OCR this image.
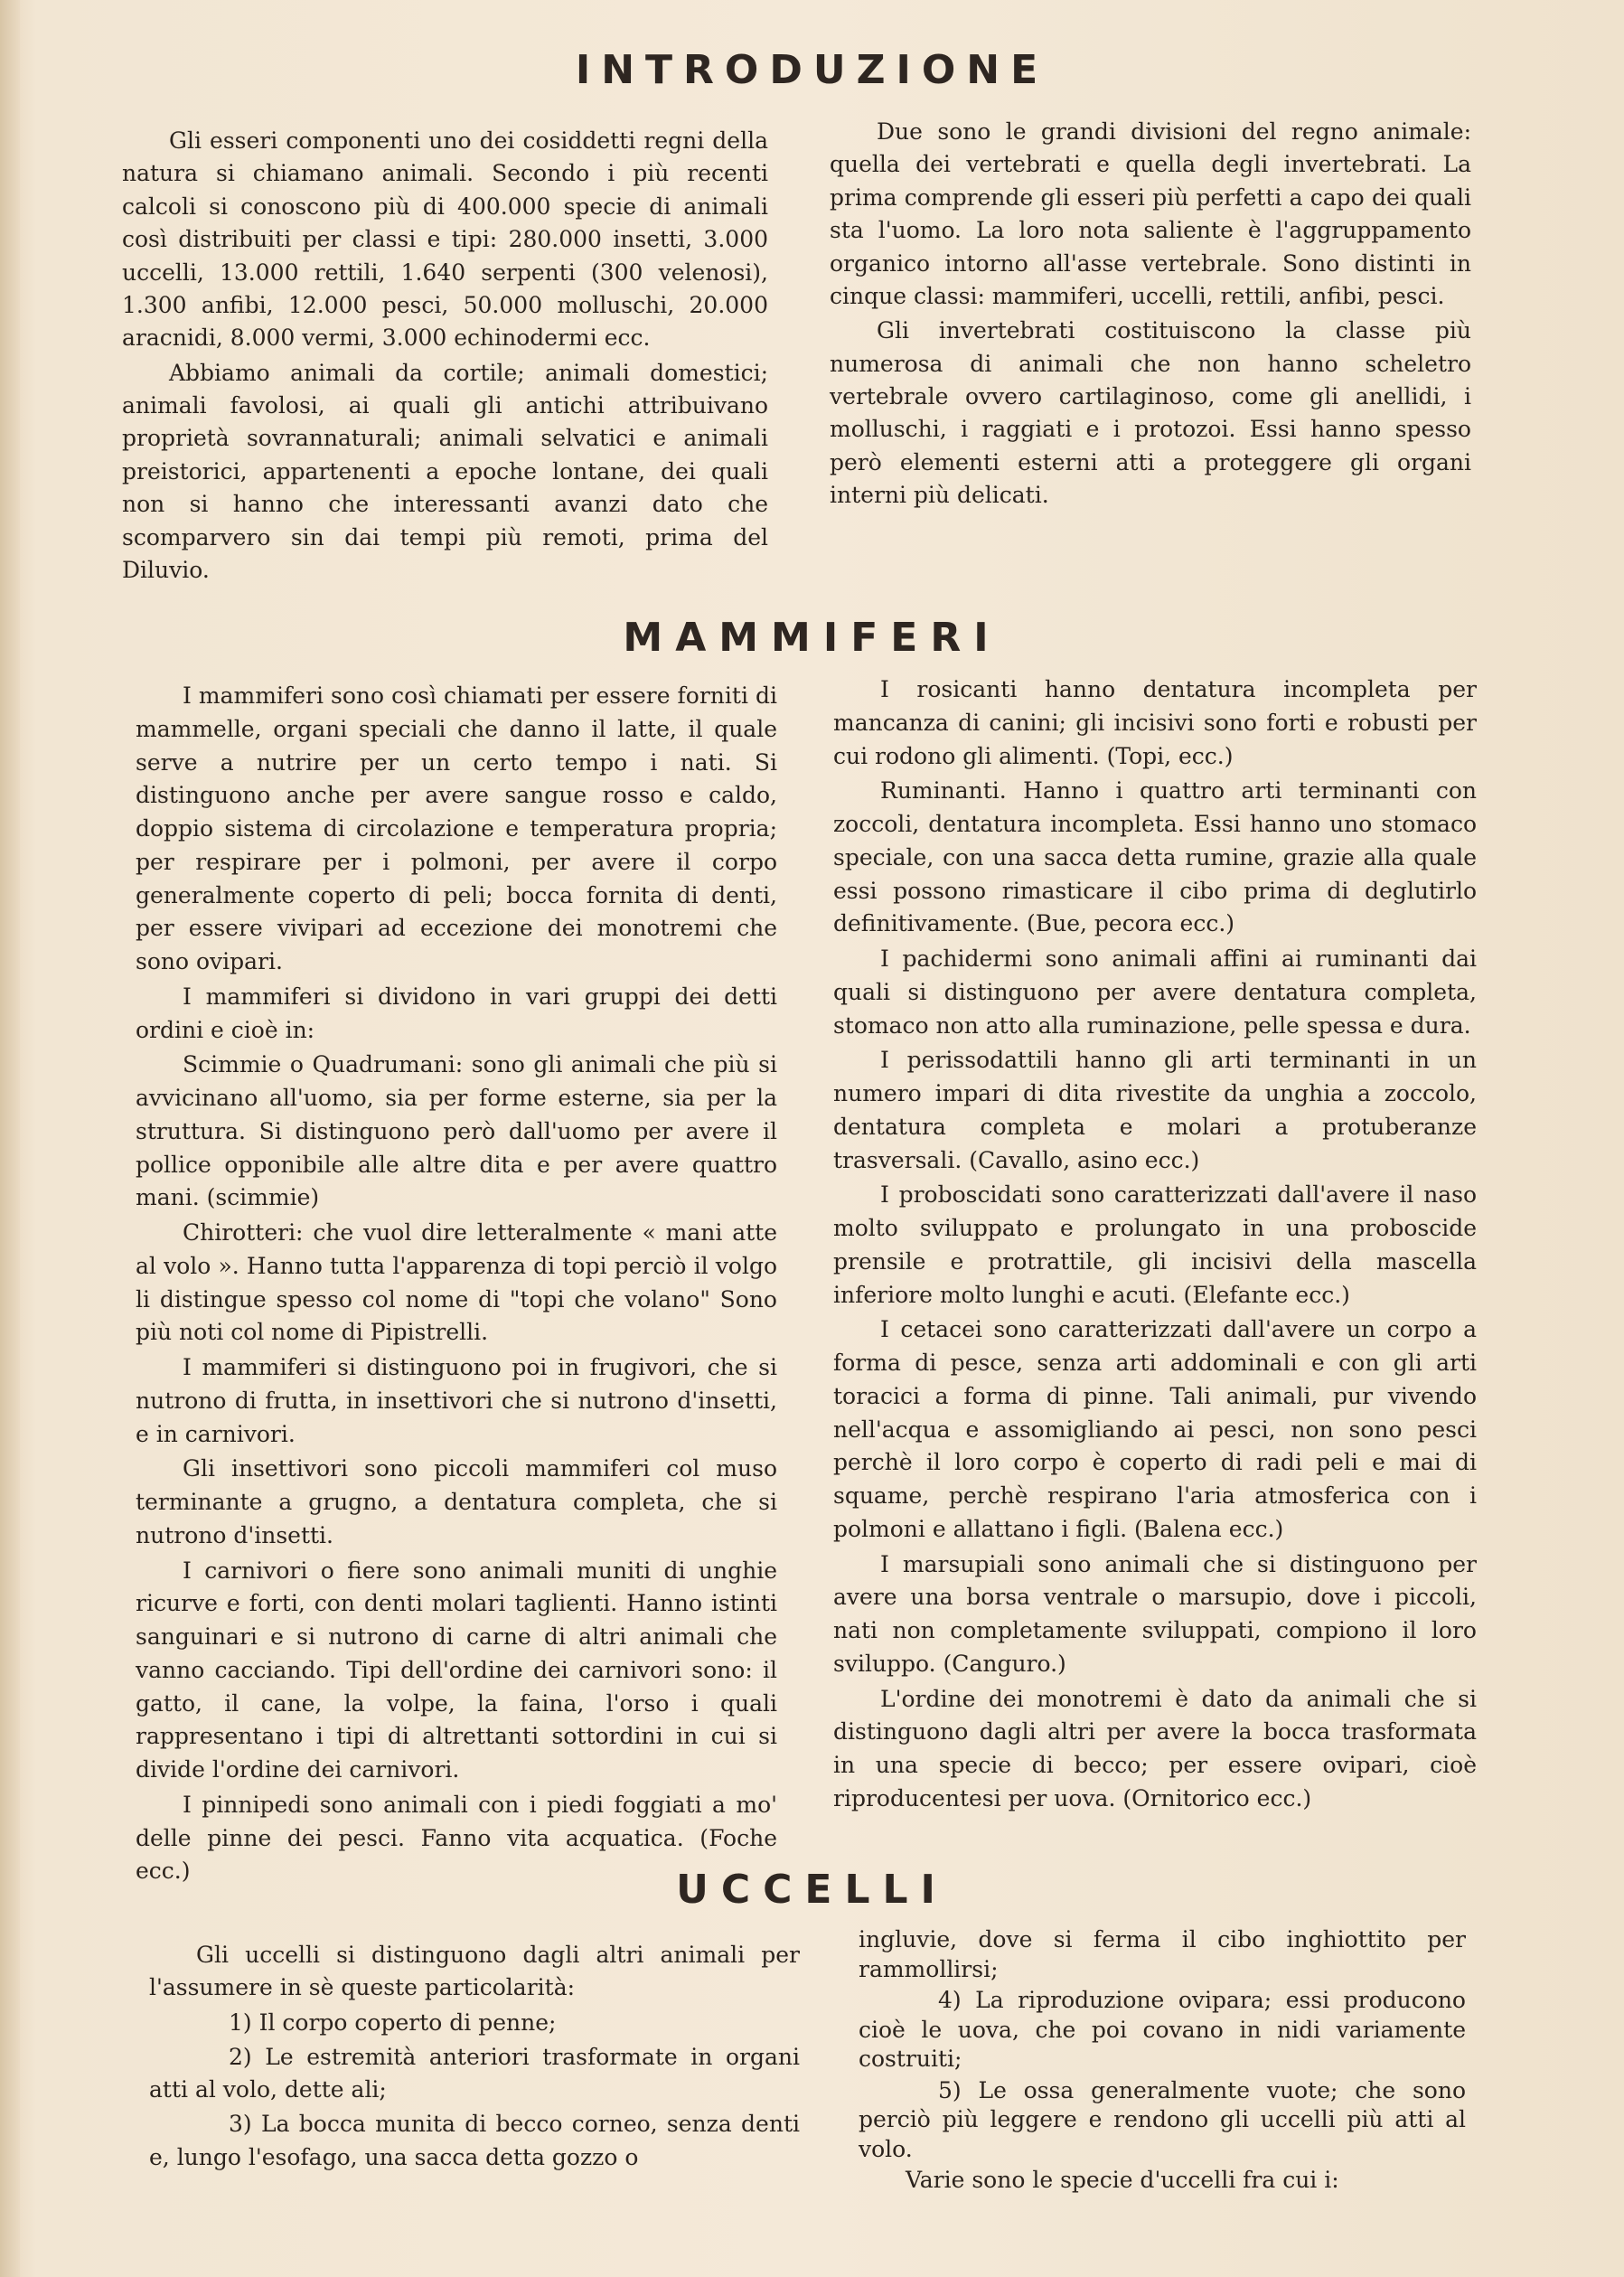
INTRODUZIONE

Gli esseri componenti uno dei cosiddetti regni della natura si chiamano animali. Secondo i più recenti calcoli si conoscono più di 400.000 specie di animali così distribuiti per classi e tipi: 280.000 insetti, 3.000 uccelli, 13.000 rettili, 1.640 serpenti (300 velenosi), 1.300 anfibi, 12.000 pesci, 50.000 molluschi, 20.000 aracnidi, 8.000 vermi, 3.000 echinodermi ecc.

Abbiamo animali da cortile; animali domestici; animali favolosi, ai quali gli antichi attribuivano proprietà sovrannaturali; animali selvatici e animali preistorici, appartenenti a epoche lontane, dei quali non si hanno che interessanti avanzi dato che scomparvero sin dai tempi più remoti, prima del Diluvio.

Due sono le grandi divisioni del regno animale: quella dei vertebrati e quella degli invertebrati. La prima comprende gli esseri più perfetti a capo dei quali sta l'uomo. La loro nota saliente è l'aggruppamento organico intorno all'asse vertebrale. Sono distinti in cinque classi: mammiferi, uccelli, rettili, anfibi, pesci.

Gli invertebrati costituiscono la classe più numerosa di animali che non hanno scheletro vertebrale ovvero cartilaginoso, come gli anellidi, i molluschi, i raggiati e i protozoi. Essi hanno spesso però elementi esterni atti a proteggere gli organi interni più delicati.

MAMMIFERI

I mammiferi sono così chiamati per essere forniti di mammelle, organi speciali che danno il latte, il quale serve a nutrire per un certo tempo i nati. Si distinguono anche per avere sangue rosso e caldo, doppio sistema di circolazione e temperatura propria; per respirare per i polmoni, per avere il corpo generalmente coperto di peli; bocca fornita di denti, per essere vivipari ad eccezione dei monotremi che sono ovipari.

I mammiferi si dividono in vari gruppi dei detti ordini e cioè in:

Scimmie o Quadrumani: sono gli animali che più si avvicinano all'uomo, sia per forme esterne, sia per la struttura. Si distinguono però dall'uomo per avere il pollice opponibile alle altre dita e per avere quattro mani. (scimmie)

Chirotteri: che vuol dire letteralmente « mani atte al volo ». Hanno tutta l'apparenza di topi perciò il volgo li distingue spesso col nome di "topi che volano" Sono più noti col nome di Pipistrelli.

I mammiferi si distinguono poi in frugivori, che si nutrono di frutta, in insettivori che si nutrono d'insetti, e in carnivori.

Gli insettivori sono piccoli mammiferi col muso terminante a grugno, a dentatura completa, che si nutrono d'insetti.

I carnivori o fiere sono animali muniti di unghie ricurve e forti, con denti molari taglienti. Hanno istinti sanguinari e si nutrono di carne di altri animali che vanno cacciando. Tipi dell'ordine dei carnivori sono: il gatto, il cane, la volpe, la faina, l'orso i quali rappresentano i tipi di altrettanti sottordini in cui si divide l'ordine dei carnivori.

I pinnipedi sono animali con i piedi foggiati a mo' delle pinne dei pesci. Fanno vita acquatica. (Foche ecc.)

I rosicanti hanno dentatura incompleta per mancanza di canini; gli incisivi sono forti e robusti per cui rodono gli alimenti. (Topi, ecc.)

Ruminanti. Hanno i quattro arti terminanti con zoccoli, dentatura incompleta. Essi hanno uno stomaco speciale, con una sacca detta rumine, grazie alla quale essi possono rimasticare il cibo prima di deglutirlo definitivamente. (Bue, pecora ecc.)

I pachidermi sono animali affini ai ruminanti dai quali si distinguono per avere dentatura completa, stomaco non atto alla ruminazione, pelle spessa e dura.

I perissodattili hanno gli arti terminanti in un numero impari di dita rivestite da unghia a zoccolo, dentatura completa e molari a protuberanze trasversali. (Cavallo, asino ecc.)

I proboscidati sono caratterizzati dall'avere il naso molto sviluppato e prolungato in una proboscide prensile e protrattile, gli incisivi della mascella inferiore molto lunghi e acuti. (Elefante ecc.)

I cetacei sono caratterizzati dall'avere un corpo a forma di pesce, senza arti addominali e con gli arti toracici a forma di pinne. Tali animali, pur vivendo nell'acqua e assomigliando ai pesci, non sono pesci perchè il loro corpo è coperto di radi peli e mai di squame, perchè respirano l'aria atmosferica con i polmoni e allattano i figli. (Balena ecc.)

I marsupiali sono animali che si distinguono per avere una borsa ventrale o marsupio, dove i piccoli, nati non completamente sviluppati, compiono il loro sviluppo. (Canguro.)

L'ordine dei monotremi è dato da animali che si distinguono dagli altri per avere la bocca trasformata in una specie di becco; per essere ovipari, cioè riproducentesi per uova. (Ornitorico ecc.)

UCCELLI

Gli uccelli si distinguono dagli altri animali per l'assumere in sè queste particolarità:

1) Il corpo coperto di penne;

2) Le estremità anteriori trasformate in organi atti al volo, dette ali;

3) La bocca munita di becco corneo, senza denti e, lungo l'esofago, una sacca detta gozzo o

ingluvie, dove si ferma il cibo inghiottito per rammollirsi;

4) La riproduzione ovipara; essi producono cioè le uova, che poi covano in nidi variamente costruiti;

5) Le ossa generalmente vuote; che sono perciò più leggere e rendono gli uccelli più atti al volo.

Varie sono le specie d'uccelli fra cui i:
